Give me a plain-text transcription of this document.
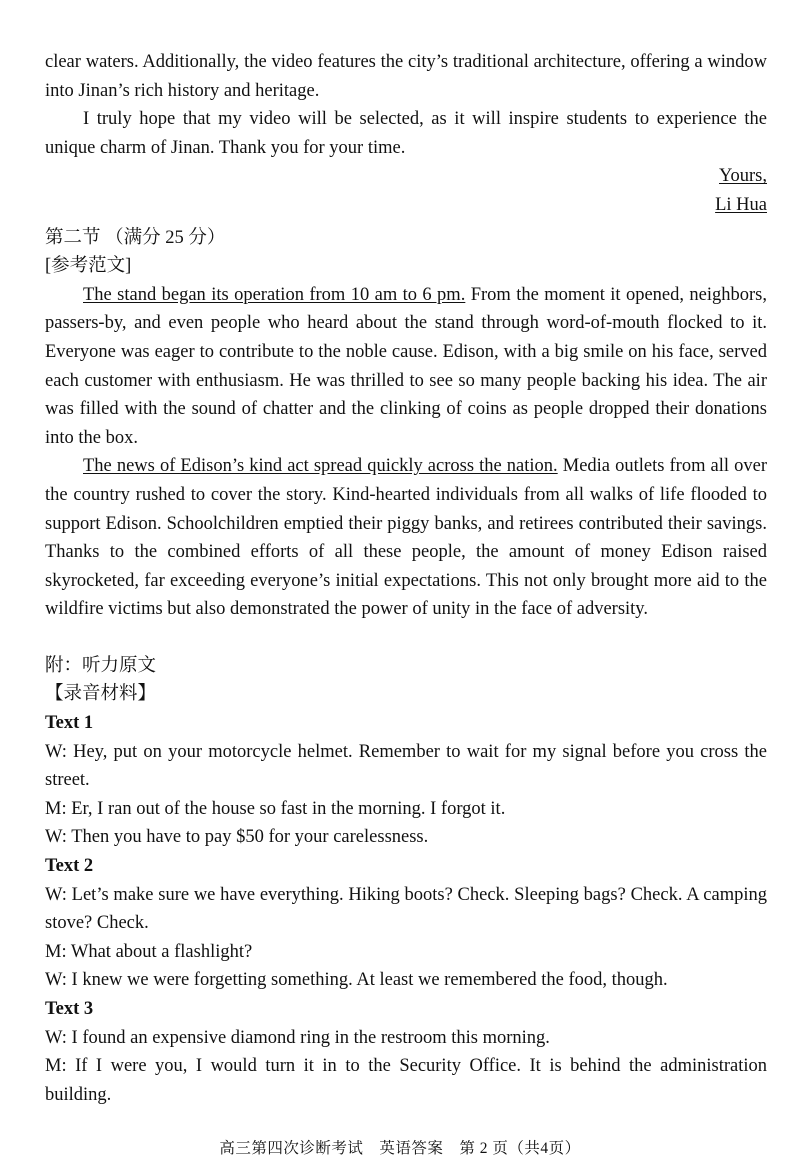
clear waters. Additionally, the video features the city’s traditional architecture, offering a window into Jinan’s rich history and heritage.

I truly hope that my video will be selected, as it will inspire students to experience the unique charm of Jinan. Thank you for your time.

Yours,

Li Hua

第二节 （满分 25 分）

[参考范文]

The stand began its operation from 10 am to 6 pm. From the moment it opened, neighbors, passers-by, and even people who heard about the stand through word-of-mouth flocked to it. Everyone was eager to contribute to the noble cause. Edison, with a big smile on his face, served each customer with enthusiasm. He was thrilled to see so many people backing his idea. The air was filled with the sound of chatter and the clinking of coins as people dropped their donations into the box.

The news of Edison’s kind act spread quickly across the nation. Media outlets from all over the country rushed to cover the story. Kind-hearted individuals from all walks of life flooded to support Edison. Schoolchildren emptied their piggy banks, and retirees contributed their savings. Thanks to the combined efforts of all these people, the amount of money Edison raised skyrocketed, far exceeding everyone’s initial expectations. This not only brought more aid to the wildfire victims but also demonstrated the power of unity in the face of adversity.

附：听力原文

【录音材料】

Text 1

W: Hey, put on your motorcycle helmet. Remember to wait for my signal before you cross the street.

M: Er, I ran out of the house so fast in the morning. I forgot it.

W: Then you have to pay $50 for your carelessness.

Text 2

W: Let’s make sure we have everything. Hiking boots? Check. Sleeping bags? Check. A camping stove? Check.

M: What about a flashlight?

W: I knew we were forgetting something. At least we remembered the food, though.

Text 3

W: I found an expensive diamond ring in the restroom this morning.

M: If I were you, I would turn it in to the Security Office. It is behind the administration building.

高三第四次诊断考试　英语答案　第 2 页（共4页）
